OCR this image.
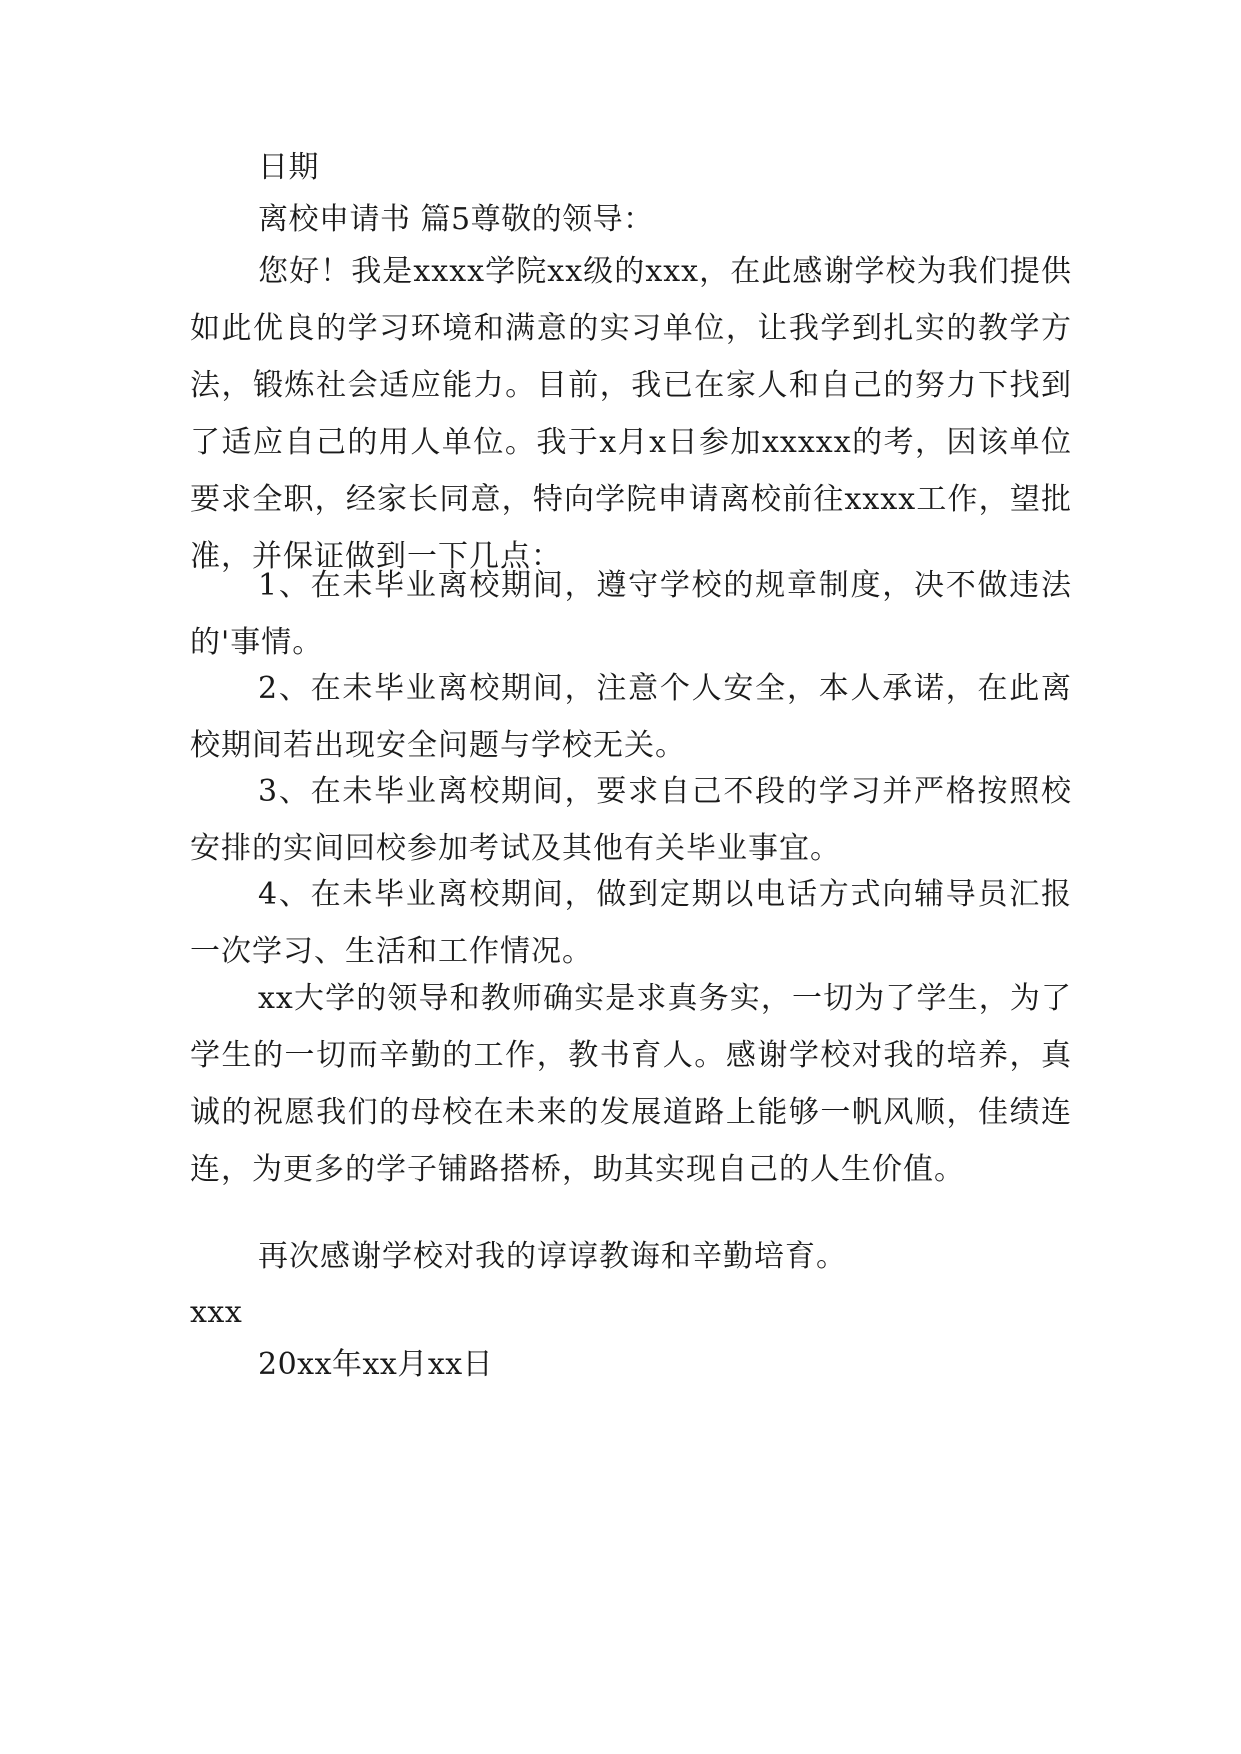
日期
离校申请书 篇5尊敬的领导：

您好！我是xxxx学院xx级的xxx，在此感谢学校为我们提供如此优良的学习环境和满意的实习单位，让我学到扎实的教学方法，锻炼社会适应能力。目前，我已在家人和自己的努力下找到了适应自己的用人单位。我于x月x日参加xxxxx的考，因该单位要求全职，经家长同意，特向学院申请离校前往xxxx工作，望批准，并保证做到一下几点：

1、在未毕业离校期间，遵守学校的规章制度，决不做违法的'事情。

2、在未毕业离校期间，注意个人安全，本人承诺，在此离校期间若出现安全问题与学校无关。

3、在未毕业离校期间，要求自己不段的学习并严格按照校安排的实间回校参加考试及其他有关毕业事宜。

4、在未毕业离校期间，做到定期以电话方式向辅导员汇报一次学习、生活和工作情况。

xx大学的领导和教师确实是求真务实，一切为了学生，为了学生的一切而辛勤的工作，教书育人。感谢学校对我的培养，真诚的祝愿我们的母校在未来的发展道路上能够一帆风顺，佳绩连连，为更多的学子铺路搭桥，助其实现自己的人生价值。

再次感谢学校对我的谆谆教诲和辛勤培育。

xxx
20xx年xx月xx日
